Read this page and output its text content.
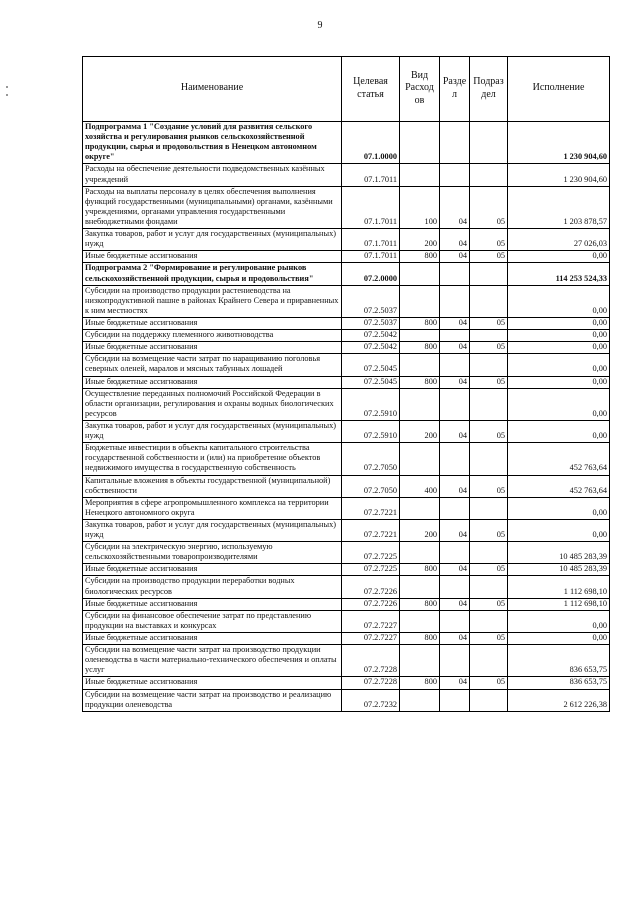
9
Наименование	Целевая статья	Вид Расход ов	Разде л	Подраз дел	Исполнение
Подпрограмма 1 "Создание условий для развития сельского хозяйства и регулирования рынков сельскохозяйственной продукции, сырья и продовольствия в Ненецком автономном округе"	07.1.0000				1 230 904,60
Расходы на обеспечение деятельности подведомственных казённых учреждений	07.1.7011				1 230 904,60
Расходы на выплаты персоналу в целях обеспечения выполнения функций государственными (муниципальными) органами, казёнными учреждениями, органами управления государственными внебюджетными фондами	07.1.7011	100	04	05	1 203 878,57
Закупка товаров, работ и услуг для государственных (муниципальных) нужд	07.1.7011	200	04	05	27 026,03
Иные бюджетные ассигнования	07.1.7011	800	04	05	0,00
Подпрограмма 2 "Формирование и регулирование рынков сельскохозяйственной продукции, сырья и продовольствия"	07.2.0000				114 253 524,33
Субсидии на производство продукции растениеводства на низкопродуктивной пашне в районах Крайнего Севера и приравненных к ним местностях	07.2.5037				0,00
Иные бюджетные ассигнования	07.2.5037	800	04	05	0,00
Субсидии на поддержку племенного животноводства	07.2.5042				0,00
Иные бюджетные ассигнования	07.2.5042	800	04	05	0,00
Субсидии на возмещение части затрат по наращиванию поголовья северных оленей, маралов и мясных табунных лошадей	07.2.5045				0,00
Иные бюджетные ассигнования	07.2.5045	800	04	05	0,00
Осуществление переданных полномочий Российской Федерации в области организации, регулирования и охраны водных биологических ресурсов	07.2.5910				0,00
Закупка товаров, работ и услуг для государственных (муниципальных) нужд	07.2.5910	200	04	05	0,00
Бюджетные инвестиции в объекты капитального строительства государственной собственности и (или) на приобретение объектов недвижимого имущества в государственную собственность	07.2.7050				452 763,64
Капитальные вложения в объекты государственной (муниципальной) собственности	07.2.7050	400	04	05	452 763,64
Мероприятия в сфере агропромышленного комплекса на территории Ненецкого автономного округа	07.2.7221				0,00
Закупка товаров, работ и услуг для государственных (муниципальных) нужд	07.2.7221	200	04	05	0,00
Субсидии на электрическую энергию, используемую сельскохозяйственными товаропроизводителями	07.2.7225				10 485 283,39
Иные бюджетные ассигнования	07.2.7225	800	04	05	10 485 283,39
Субсидии на производство продукции переработки водных биологических ресурсов	07.2.7226				1 112 698,10
Иные бюджетные ассигнования	07.2.7226	800	04	05	1 112 698,10
Субсидии на финансовое обеспечение затрат по представлению продукции на выставках и конкурсах	07.2.7227				0,00
Иные бюджетные ассигнования	07.2.7227	800	04	05	0,00
Субсидии на возмещение части затрат на производство продукции оленеводства в части материально-технического обеспечения и оплаты услуг	07.2.7228				836 653,75
Иные бюджетные ассигнования	07.2.7228	800	04	05	836 653,75
Субсидии на возмещение части затрат на производство и реализацию продукции оленеводства	07.2.7232				2 612 226,38
